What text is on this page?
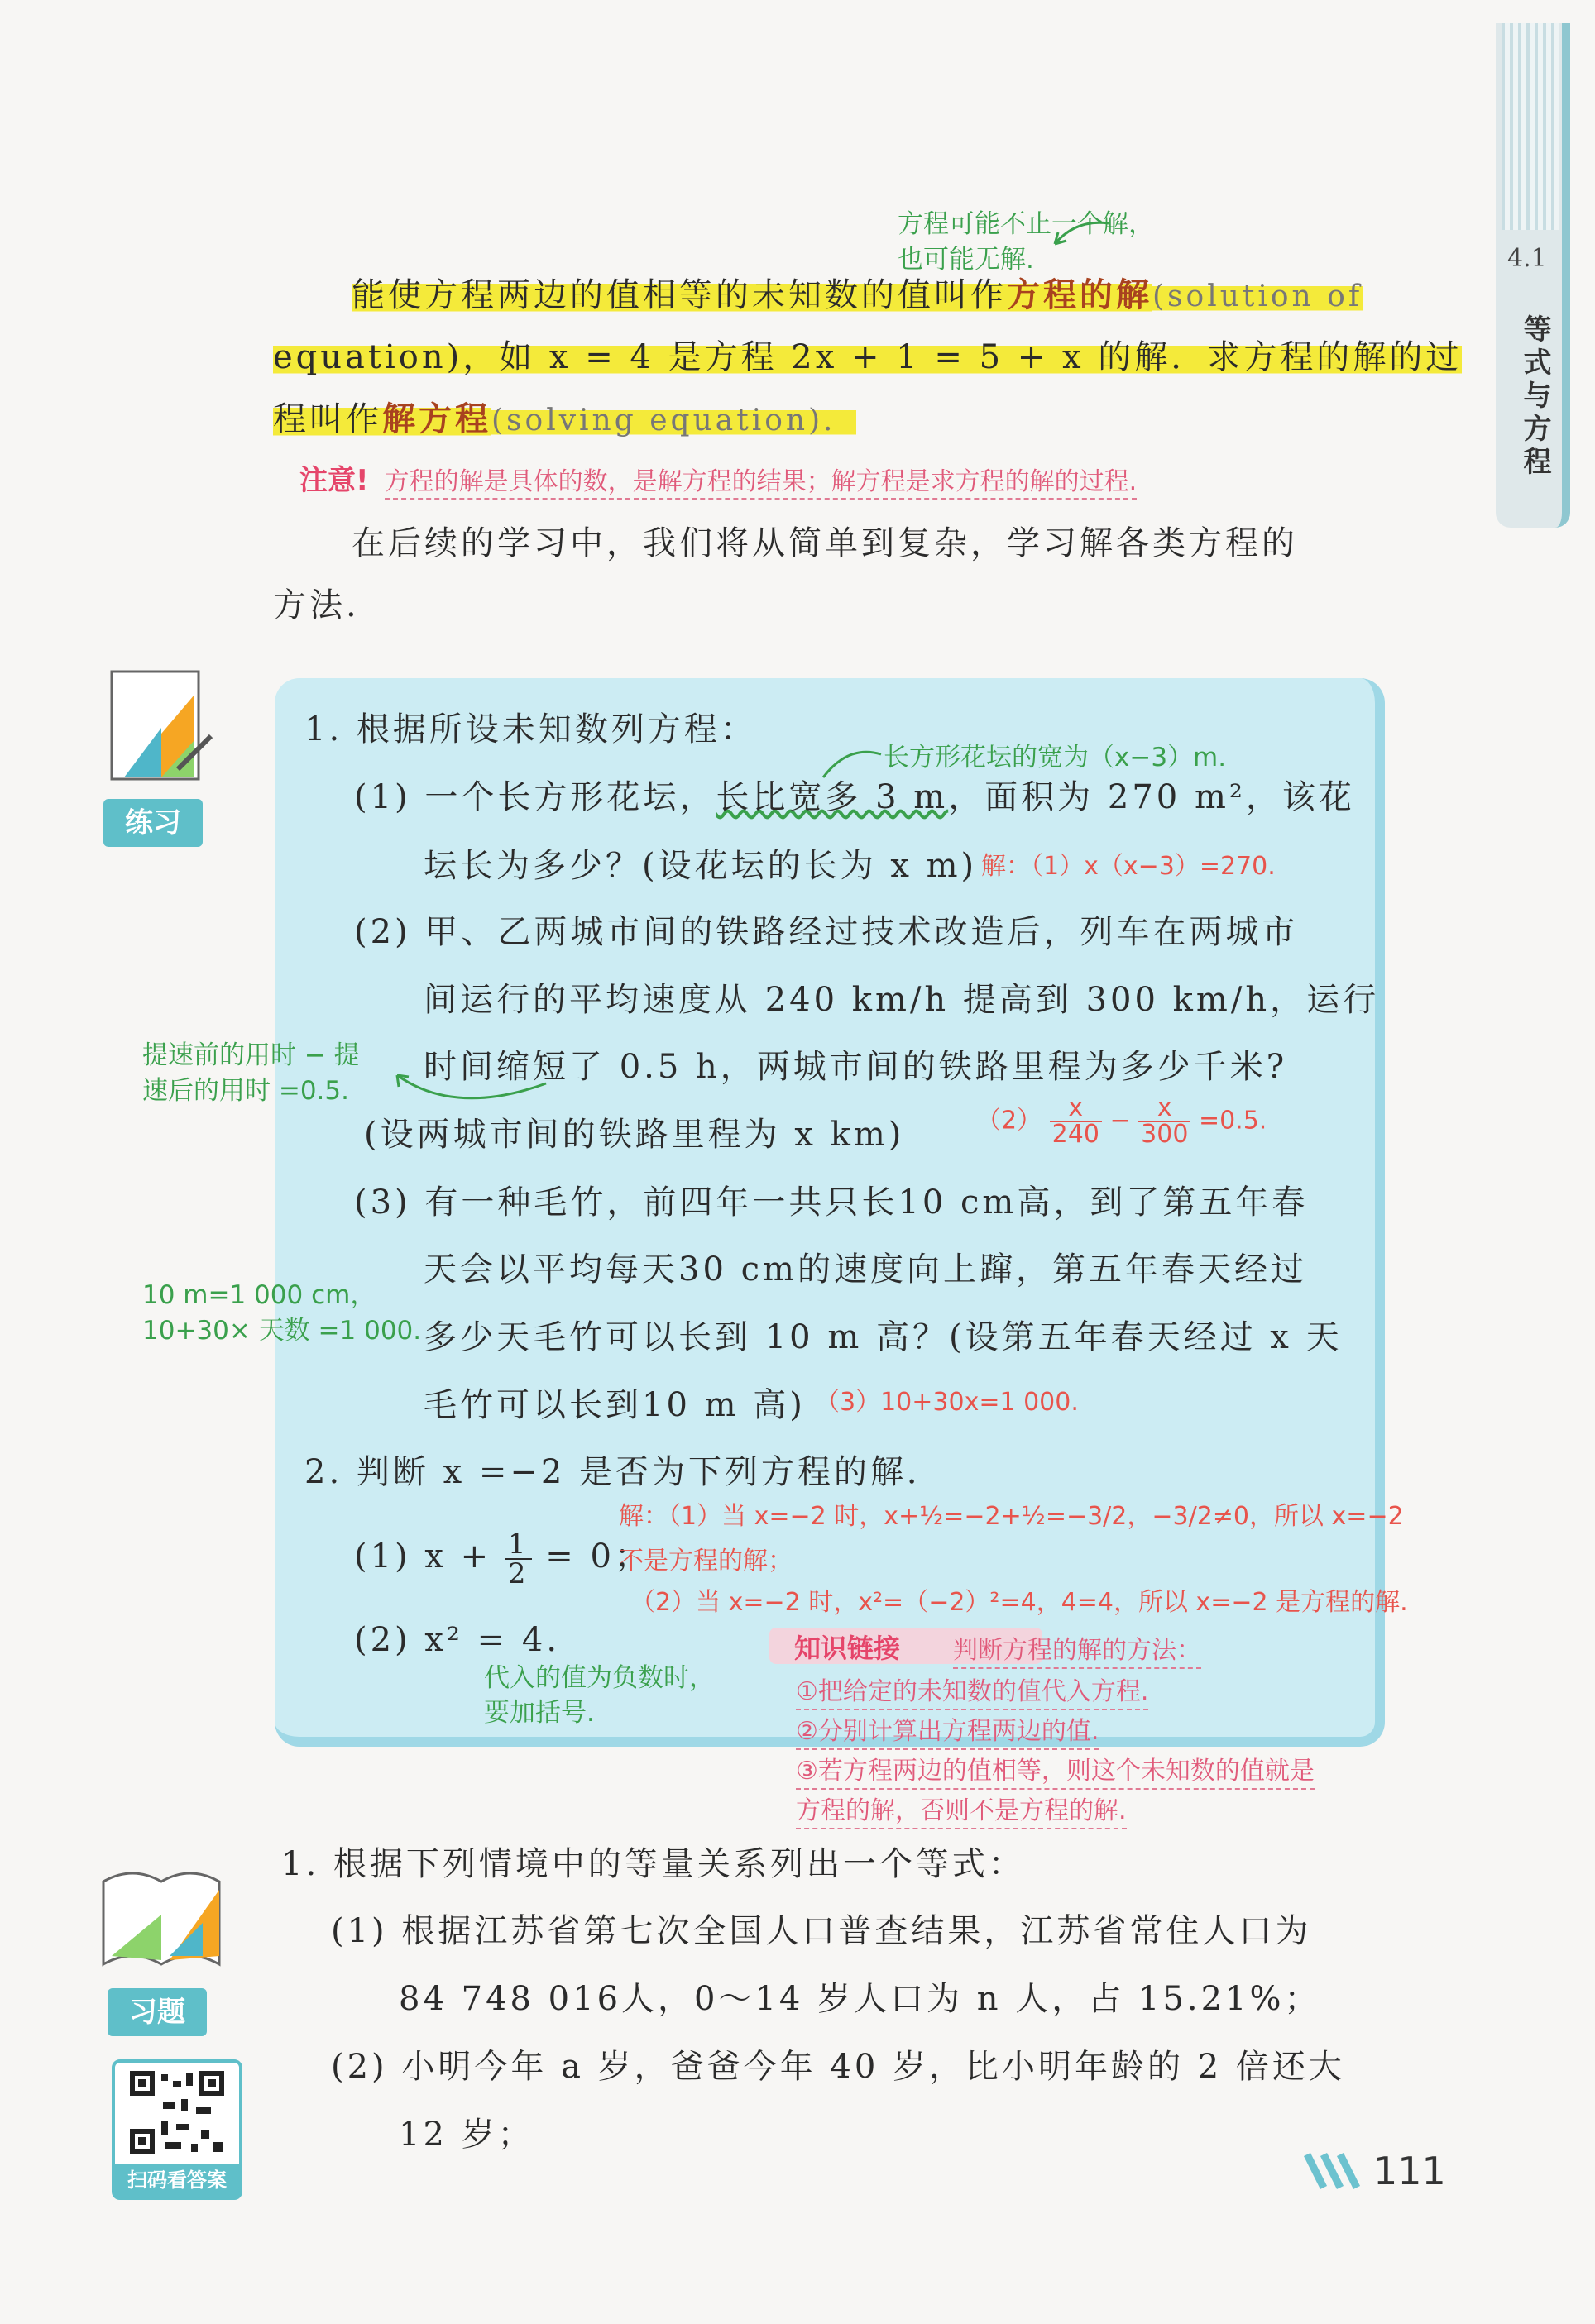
4.1
等式与方程
方程可能不止一个解，
也可能无解.
能使方程两边的值相等的未知数的值叫作方程的解(solution of
equation)，如 x = 4 是方程 2x + 1 = 5 + x 的解．求方程的解的过
程叫作解方程(solving equation)．
注意! 方程的解是具体的数，是解方程的结果；解方程是求方程的解的过程.
在后续的学习中，我们将从简单到复杂，学习解各类方程的
方法.
练习
1. 根据所设未知数列方程：
长方形花坛的宽为（x−3）m.
(1) 一个长方形花坛，长比宽多 3 m，面积为 270 m²，该花
坛长为多少？(设花坛的长为 x m) 解：（1）x（x−3）=270.
(2) 甲、乙两城市间的铁路经过技术改造后，列车在两城市
间运行的平均速度从 240 km/h 提高到 300 km/h，运行
时间缩短了 0.5 h，两城市间的铁路里程为多少千米?
(设两城市间的铁路里程为 x km)	$(2) \frac{x}{240} - \frac{x}{300} =0.5$.
提速前的用时 − 提
速后的用时 =0.5.
(3) 有一种毛竹，前四年一共只长10 cm高，到了第五年春
天会以平均每天30 cm的速度向上蹿，第五年春天经过
多少天毛竹可以长到 10 m 高？(设第五年春天经过 x 天
毛竹可以长到10 m 高)
10 m=1 000 cm，
10+30× 天数 =1 000.
（3）10+30x=1 000.
2. 判断 x =−2 是否为下列方程的解．
解：（1）当 x=−2 时，x+½=−2+½=−3/2，−3/2≠0，所以 x=−2
(1) $x + \frac{1}{2} = 0$；
不是方程的解；
（2）当 x=−2 时，x²=（−2）²=4，4=4，所以 x=−2 是方程的解.
(2) x² = 4.
代入的值为负数时，
要加括号.
知识链接 判断方程的解的方法：
①把给定的未知数的值代入方程.
②分别计算出方程两边的值.
③若方程两边的值相等，则这个未知数的值就是
方程的解，否则不是方程的解.
习题
扫码看答案
1. 根据下列情境中的等量关系列出一个等式：
(1) 根据江苏省第七次全国人口普查结果，江苏省常住人口为
84 748 016人，0～14 岁人口为 n 人，占 15.21%；
(2) 小明今年 a 岁，爸爸今年 40 岁，比小明年龄的 2 倍还大
12 岁；
111
